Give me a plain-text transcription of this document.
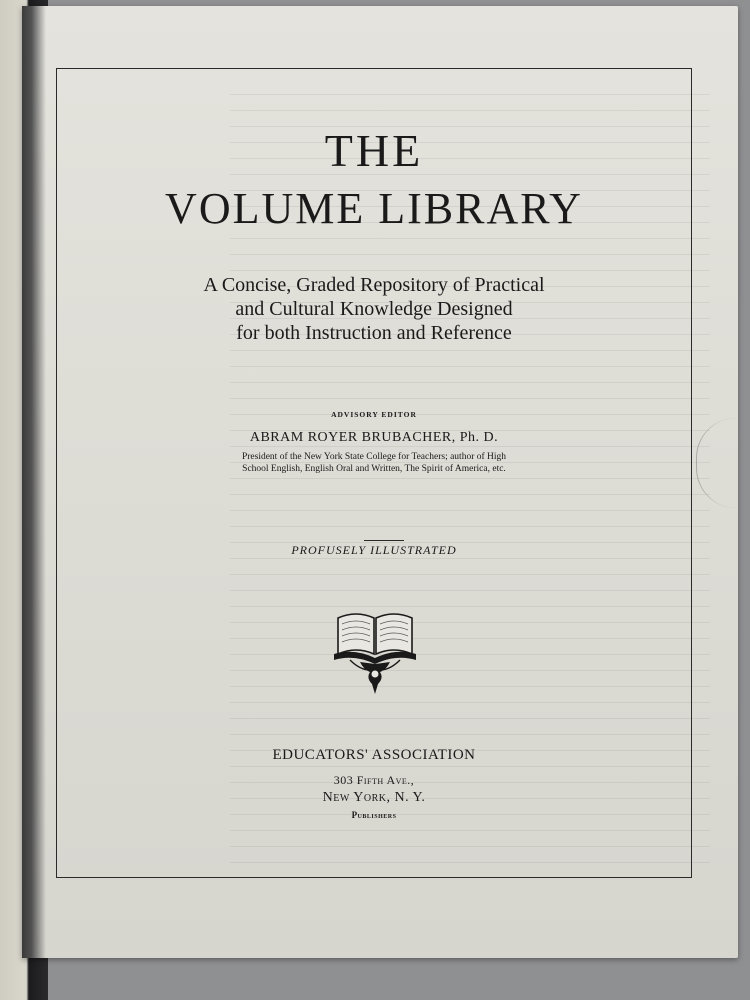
THE
VOLUME LIBRARY
A Concise, Graded Repository of Practical
and Cultural Knowledge Designed
for both Instruction and Reference
ADVISORY EDITOR
ABRAM ROYER BRUBACHER, Ph. D.
President of the New York State College for Teachers; author of High
School English, English Oral and Written, The Spirit of America, etc.
PROFUSELY ILLUSTRATED
EDUCATORS' ASSOCIATION
303 Fifth Ave.,
New York, N. Y.
Publishers
